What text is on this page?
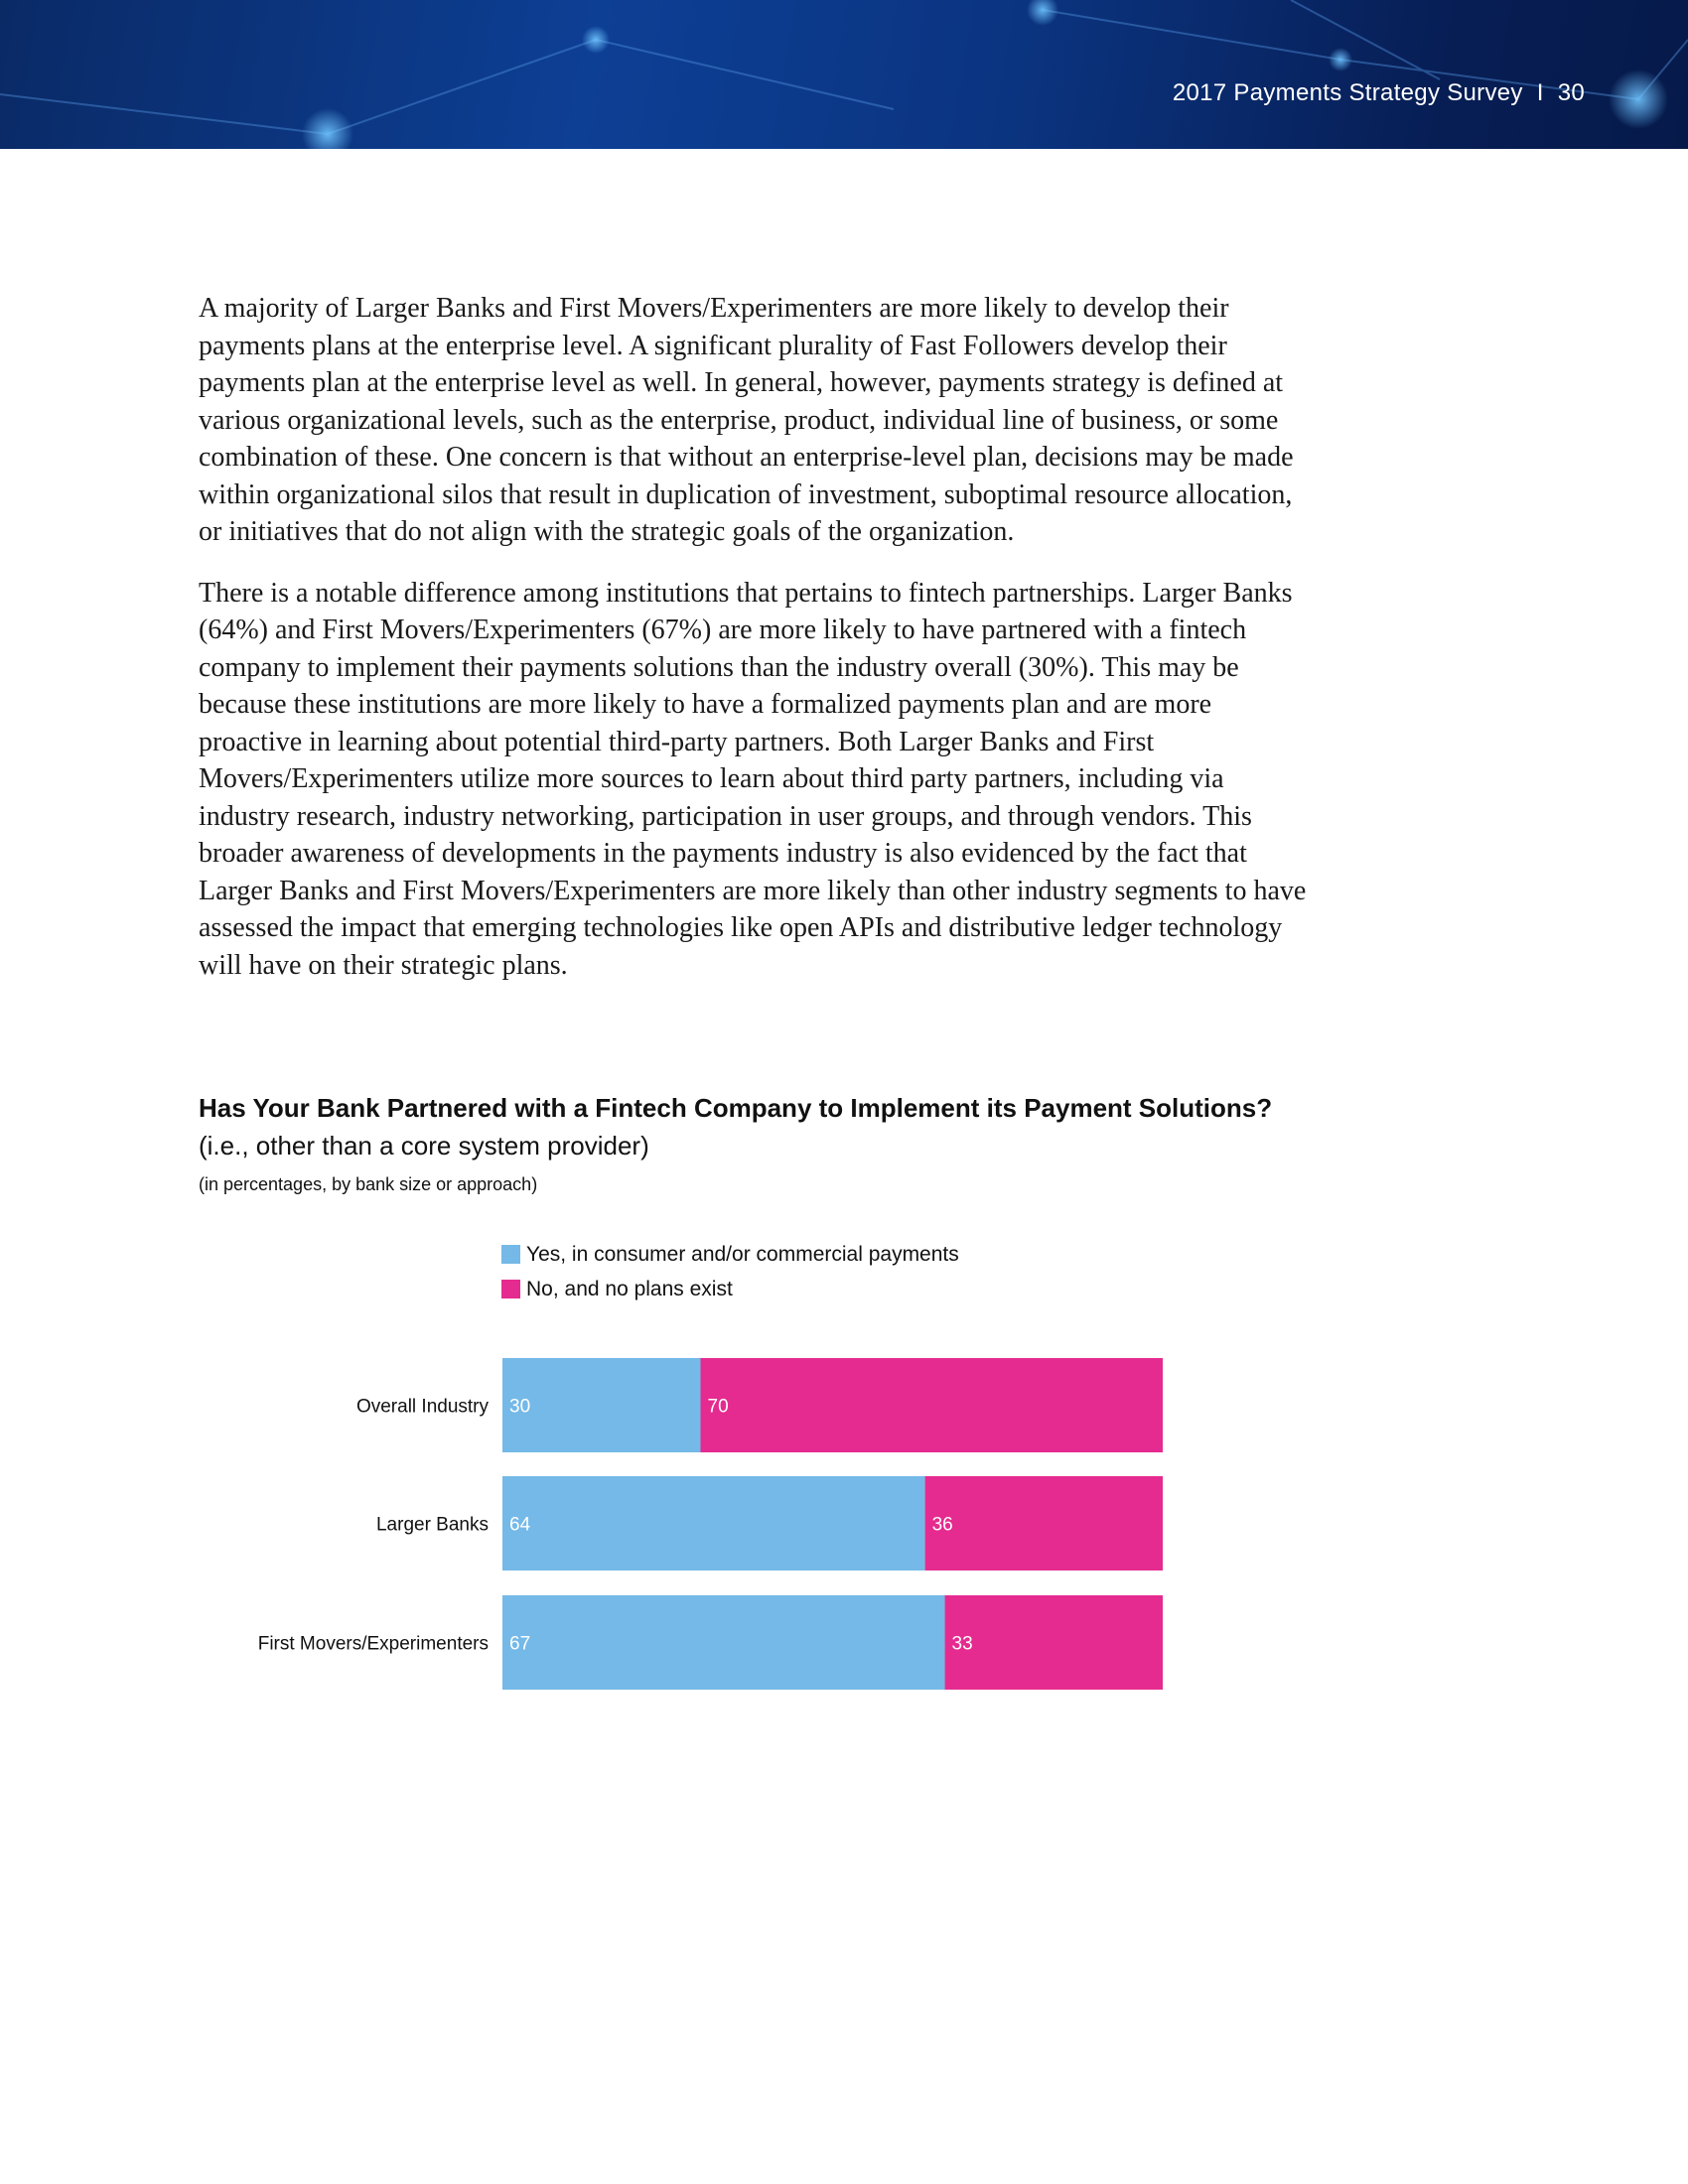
2017 Payments Strategy Survey I 30

A majority of Larger Banks and First Movers/Experimenters are more likely to develop their payments plans at the enterprise level. A significant plurality of Fast Followers develop their payments plan at the enterprise level as well. In general, however, payments strategy is defined at various organizational levels, such as the enterprise, product, individual line of business, or some combination of these. One concern is that without an enterprise-level plan, decisions may be made within organizational silos that result in duplication of investment, suboptimal resource allocation, or initiatives that do not align with the strategic goals of the organization.

There is a notable difference among institutions that pertains to fintech partnerships. Larger Banks (64%) and First Movers/Experimenters (67%) are more likely to have partnered with a fintech company to implement their payments solutions than the industry overall (30%). This may be because these institutions are more likely to have a formalized payments plan and are more proactive in learning about potential third-party partners. Both Larger Banks and First Movers/Experimenters utilize more sources to learn about third party partners, including via industry research, industry networking, participation in user groups, and through vendors. This broader awareness of developments in the payments industry is also evidenced by the fact that Larger Banks and First Movers/Experimenters are more likely than other industry segments to have assessed the impact that emerging technologies like open APIs and distributive ledger technology will have on their strategic plans.

Has Your Bank Partnered with a Fintech Company to Implement its Payment Solutions?  (i.e., other than a core system provider)
(in percentages, by bank size or approach)
Yes, in consumer and/or commercial payments
No, and no plans exist
Overall Industry 30	70
Larger Banks 64	36
First Movers/Experimenters 67	33
